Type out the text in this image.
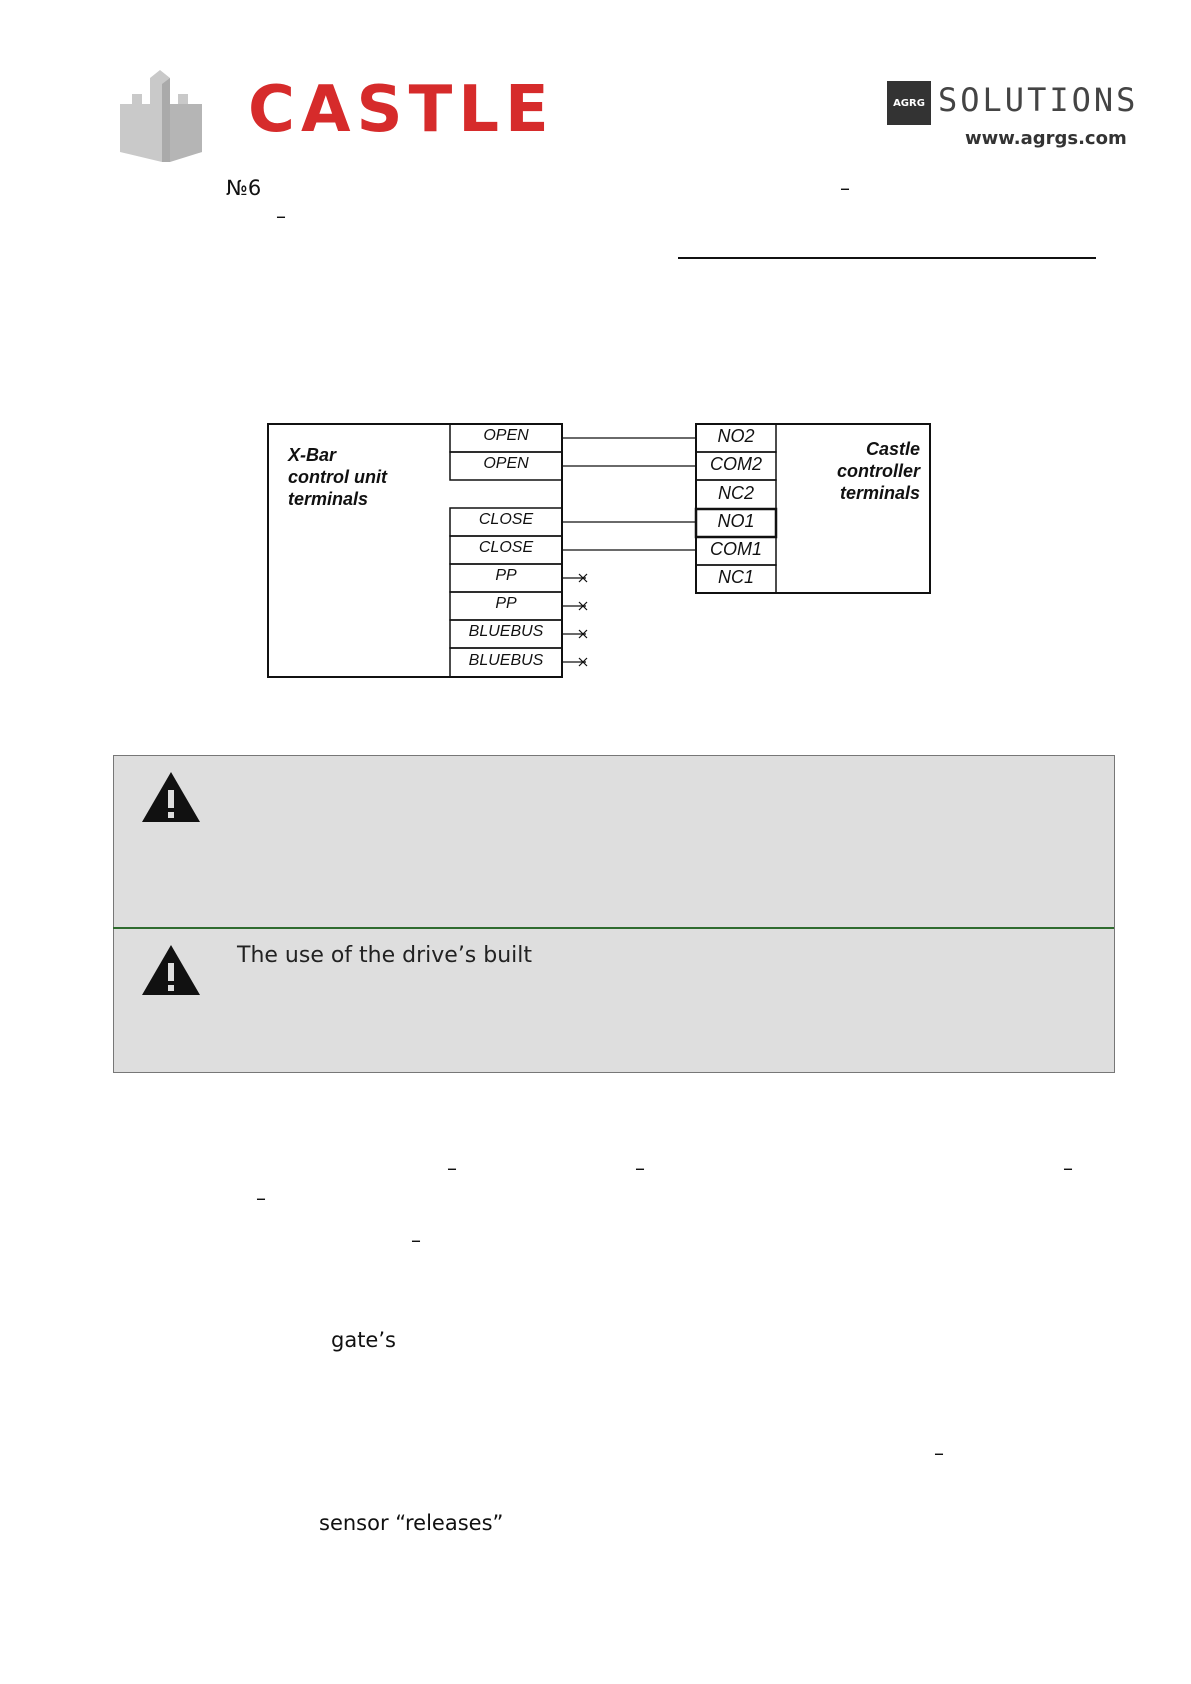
CASTLE	AGRG SOLUTIONS
www.agrgs.com
№6	–
–
X-Bar
control unit
terminals
OPEN
OPEN
CLOSE
CLOSE
PP
PP
BLUEBUS
BLUEBUS
NO2
COM2
NC2
NO1
COM1
NC1
Castle
controller
terminals
The use of the drive’s built
–	–	–
–
–
gate’s
–
sensor “releases”
